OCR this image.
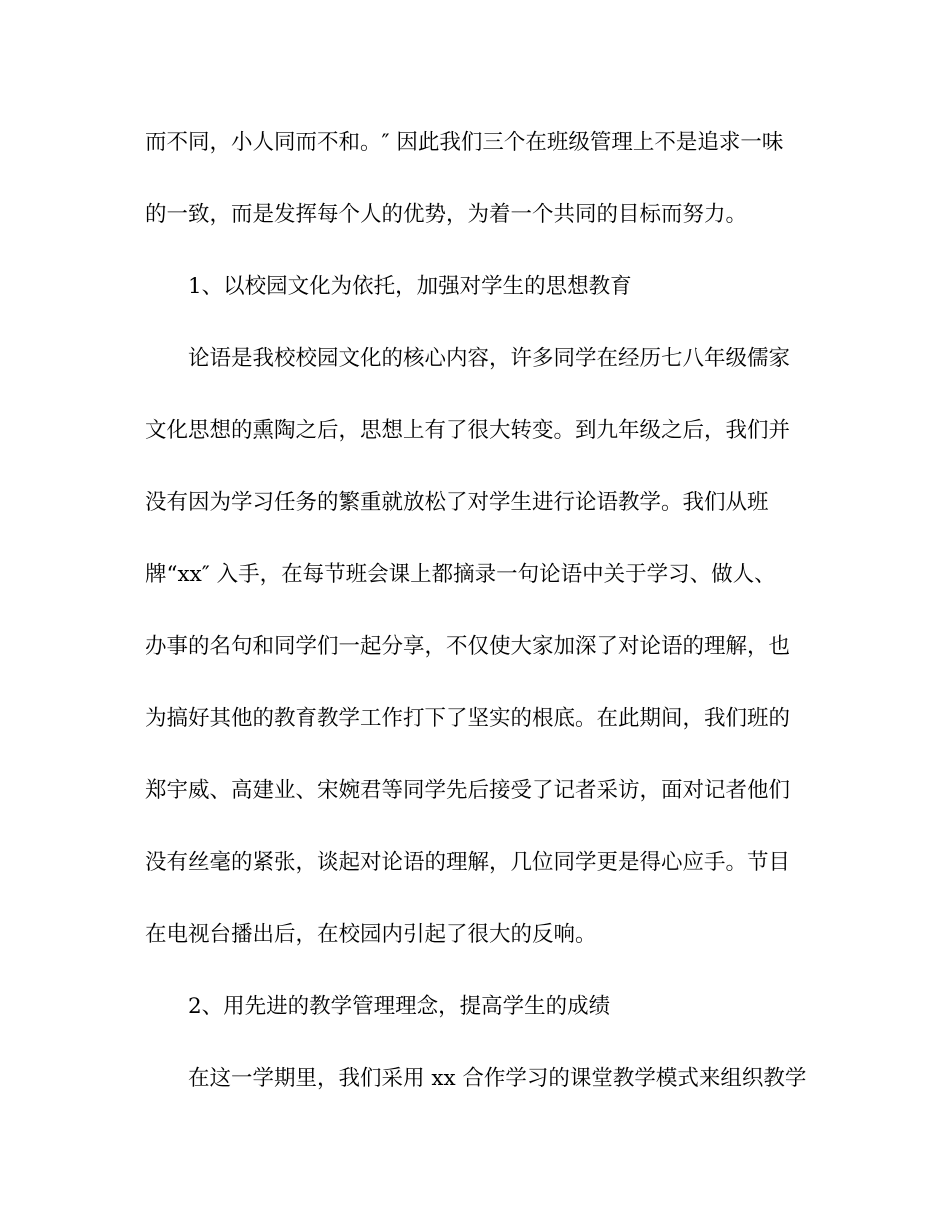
而不同，小人同而不和。″ 因此我们三个在班级管理上不是追求一味
的一致，而是发挥每个人的优势，为着一个共同的目标而努力。
1、以校园文化为依托，加强对学生的思想教育
论语是我校校园文化的核心内容，许多同学在经历七八年级儒家
文化思想的熏陶之后，思想上有了很大转变。到九年级之后，我们并
没有因为学习任务的繁重就放松了对学生进行论语教学。我们从班
牌“xx″ 入手，在每节班会课上都摘录一句论语中关于学习、做人、
办事的名句和同学们一起分享，不仅使大家加深了对论语的理解，也
为搞好其他的教育教学工作打下了坚实的根底。在此期间，我们班的
郑宇威、高建业、宋婉君等同学先后接受了记者采访，面对记者他们
没有丝毫的紧张，谈起对论语的理解，几位同学更是得心应手。节目
在电视台播出后，在校园内引起了很大的反响。
2、用先进的教学管理理念，提高学生的成绩
在这一学期里，我们采用 xx 合作学习的课堂教学模式来组织教学
